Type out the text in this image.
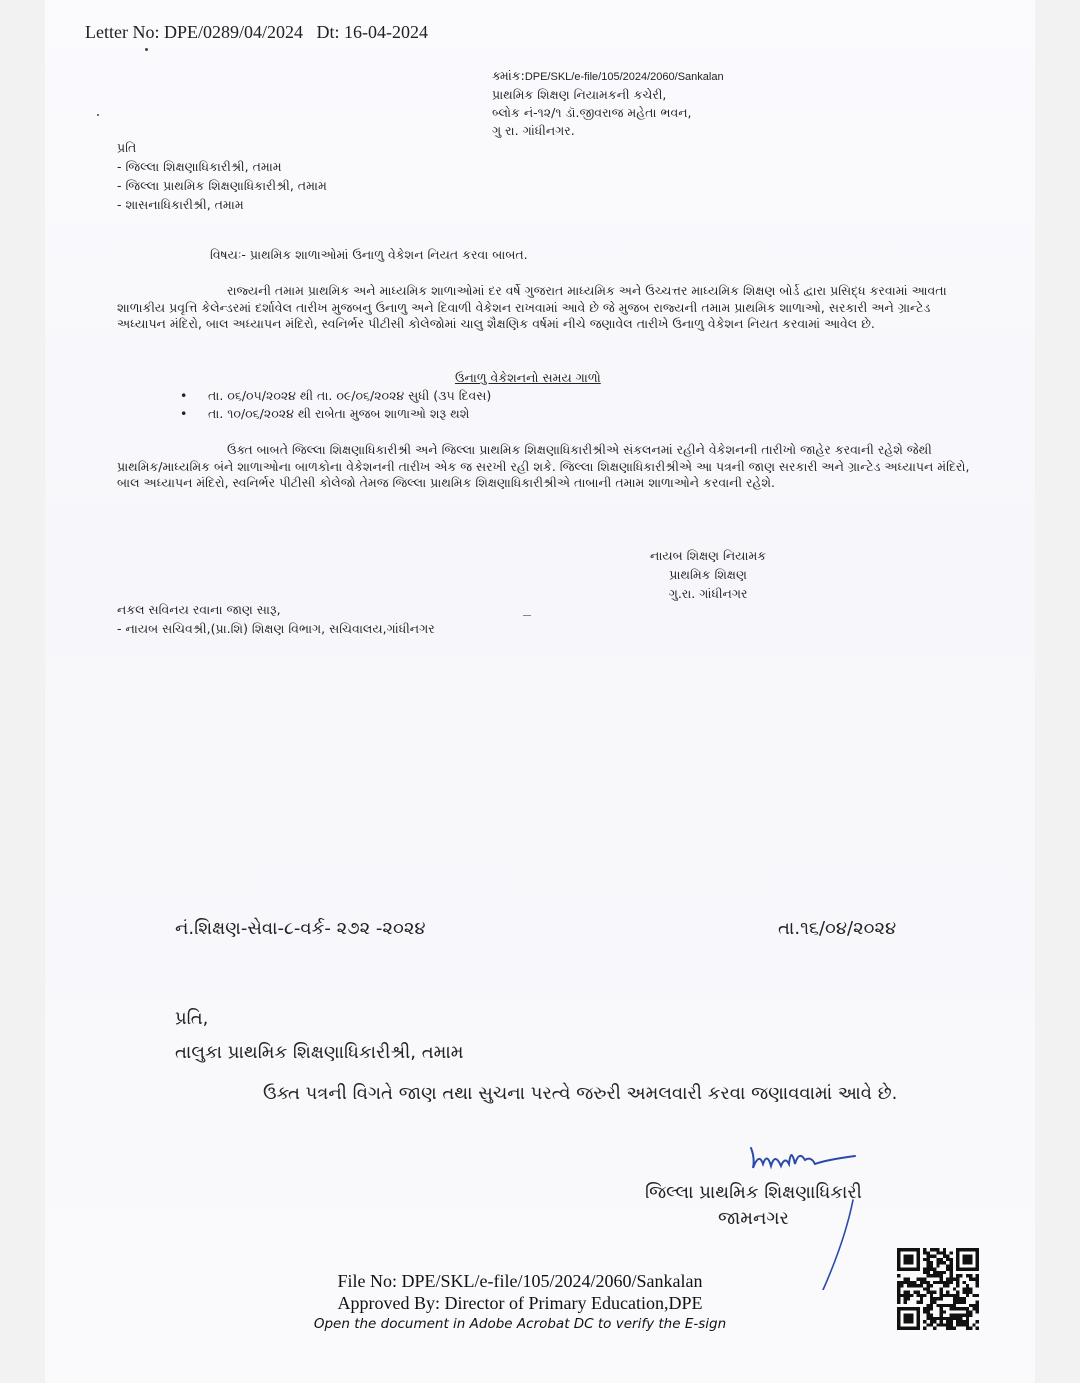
Letter No: DPE/0289/04/2024 Dt: 16-04-2024
ક્માંક:DPE/SKL/e-file/105/2024/2060/Sankalan
પ્રાથમિક શિક્ષણ નિયામકની કચેરી,
બ્લોક નં-૧૨/૧ ડૉ.જીવરાજ મહેતા ભવન,
ગુ રા. ગાંધીનગર.
પ્રતિ
- જિલ્લા શિક્ષણાધિકારીશ્રી, તમામ
- જિલ્લા પ્રાથમિક શિક્ષણાધિકારીશ્રી, તમામ
- શાસનાધિકારીશ્રી, તમામ
વિષયઃ- પ્રાથમિક શાળાઓમાં ઉનાળુ વેકેશન નિયત કરવા બાબત.
રાજ્યની તમામ પ્રાથમિક અને માધ્યમિક શાળાઓમાં દર વર્ષે ગુજરાત માધ્યમિક અને ઉચ્ચત્તર માધ્યમિક શિક્ષણ બોર્ડ દ્વારા પ્રસિદ્ધ કરવામાં આવતા શાળાકીય પ્રવૃત્તિ કેલેન્ડરમાં દર્શાવેલ તારીખ મુજબનુ ઉનાળુ અને દિવાળી વેકેશન રાખવામાં આવે છે જે મુજબ રાજ્યની તમામ પ્રાથમિક શાળાઓ, સરકારી અને ગ્રાન્ટેડ અધ્યાપન મંદિરો, બાલ અધ્યાપન મંદિરો, સ્વનિર્ભર પીટીસી કોલેજોમાં ચાલુ શૈક્ષણિક વર્ષમાં નીચે જણાવેલ તારીખે ઉનાળુ વેકેશન નિયત કરવામાં આવેલ છે.
ઉનાળુ વેકેશનનો સમય ગાળો
• તા. ૦૬/૦૫/૨૦૨૪ થી તા. ૦૯/૦૬/૨૦૨૪ સુધી (૩૫ દિવસ)
• તા. ૧૦/૦૬/૨૦૨૪ થી રાબેતા મુજબ શાળાઓ શરૂ થશે
ઉક્ત બાબતે જિલ્લા શિક્ષણાધિકારીશ્રી અને જિલ્લા પ્રાથમિક શિક્ષણાધિકારીશ્રીએ સંકલનમાં રહીને વેકેશનની તારીખો જાહેર કરવાની રહેશે જેથી પ્રાથમિક/માધ્યમિક બંને શાળાઓના બાળકોના વેકેશનની તારીખ એક જ સરખી રહી શકે. જિલ્લા શિક્ષણાધિકારીશ્રીએ આ પત્રની જાણ સરકારી અને ગ્રાન્ટેડ અધ્યાપન મંદિરો, બાલ અધ્યાપન મંદિરો, સ્વનિર્ભર પીટીસી કોલેજો તેમજ જિલ્લા પ્રાથમિક શિક્ષણાધિકારીશ્રીએ તાબાની તમામ શાળાઓને કરવાની રહેશે.
નાયબ શિક્ષણ નિયામક
પ્રાથમિક શિક્ષણ
ગુ.રા. ગાંધીનગર
નકલ સવિનય રવાના જાણ સારૂ,
- નાયબ સચિવશ્રી,(પ્રા.શિ) શિક્ષણ વિભાગ, સચિવાલય,ગાંધીનગર
નં.શિક્ષણ-સેવા-૮-વર્ક- ૨૭૨ -૨૦૨૪	તા.૧૬/૦૪/૨૦૨૪
પ્રતિ,
તાલુકા પ્રાથમિક શિક્ષણાધિકારીશ્રી, તમામ
ઉક્ત પત્રની વિગતે જાણ તથા સુચના પરત્વે જરુરી અમલવારી કરવા જણાવવામાં આવે છે.
જિલ્લા પ્રાથમિક શિક્ષણાધિકારી
જામનગર
File No: DPE/SKL/e-file/105/2024/2060/Sankalan
Approved By: Director of Primary Education,DPE
Open the document in Adobe Acrobat DC to verify the E-sign
